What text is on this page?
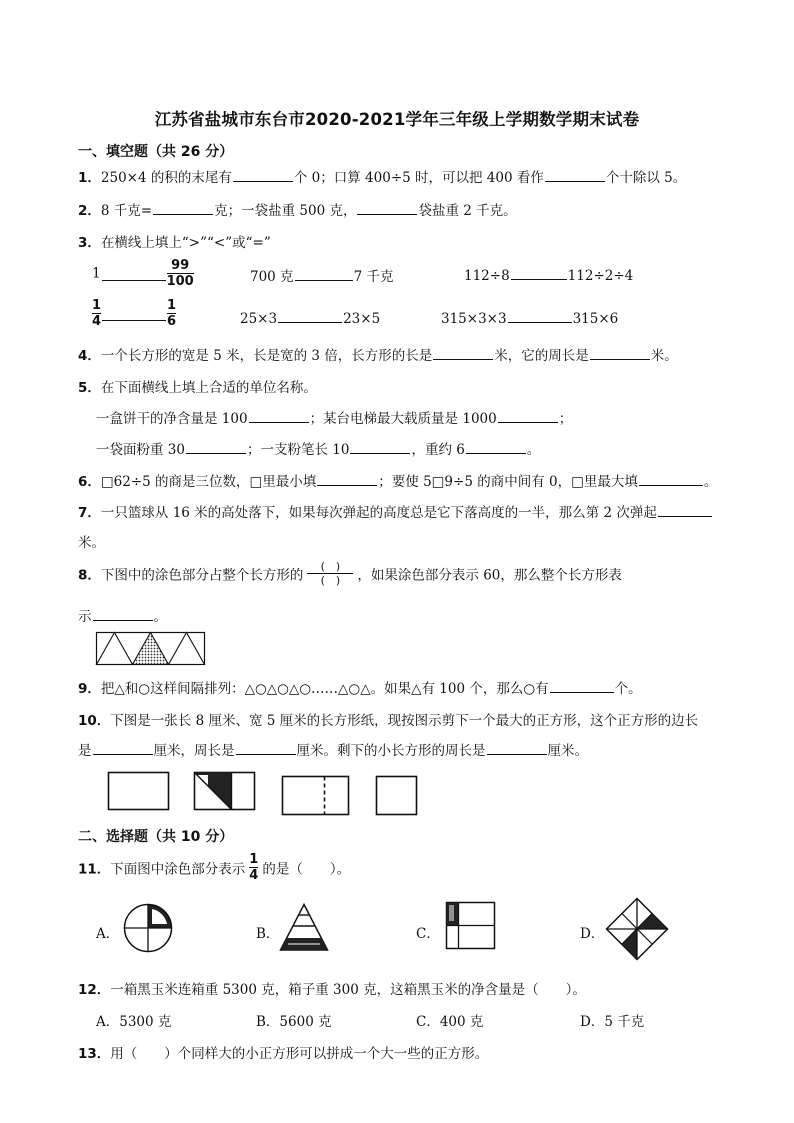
江苏省盐城市东台市2020-2021学年三年级上学期数学期末试卷
一、填空题（共 26 分）
1．250×4 的积的末尾有	个 0；口算 400÷5 时，可以把 400 看作	个十除以 5。
2．8 千克=	克；一袋盐重 500 克，	袋盐重 2 千克。
3．在横线上填上“>”“<”或“=”
1	$\frac{99}{100}$	700 克	7 千克	112÷8	112÷2÷4
$\frac{1}{4}$	$\frac{1}{6}$	25×3	23×5	315×3×3	315×6
4．一个长方形的宽是 5 米，长是宽的 3 倍，长方形的长是	米，它的周长是	米。
5．在下面横线上填上合适的单位名称。
一盒饼干的净含量是 100	；某台电梯最大载质量是 1000	；
一袋面粉重 30	；一支粉笔长 10	，重约 6	。
6．□62÷5 的商是三位数，□里最小填	；要使 5□9÷5 的商中间有 0，□里最大填	。
7．一只篮球从 16 米的高处落下，如果每次弹起的高度总是它下落高度的一半，那么第 2 次弹起
米。
8．下图中的涂色部分占整个长方形的 $\frac{( )}{( )}$ ，如果涂色部分表示 60，那么整个长方形表
示	。
9．把△和○这样间隔排列：△○△○△○……△○△。如果△有 100 个，那么○有	个。
10．下图是一张长 8 厘米、宽 5 厘米的长方形纸，现按图示剪下一个最大的正方形，这个正方形的边长
是	厘米，周长是	厘米。剩下的小长方形的周长是	厘米。
二、选择题（共 10 分）
11．下面图中涂色部分表示 $\frac{1}{4}$ 的是（　　）。
A．	B．	C．	D．
12．一箱黑玉米连箱重 5300 克，箱子重 300 克，这箱黑玉米的净含量是（　　）。
A．5300 克	B．5600 克	C．400 克	D．5 千克
13．用（　　）个同样大的小正方形可以拼成一个大一些的正方形。
